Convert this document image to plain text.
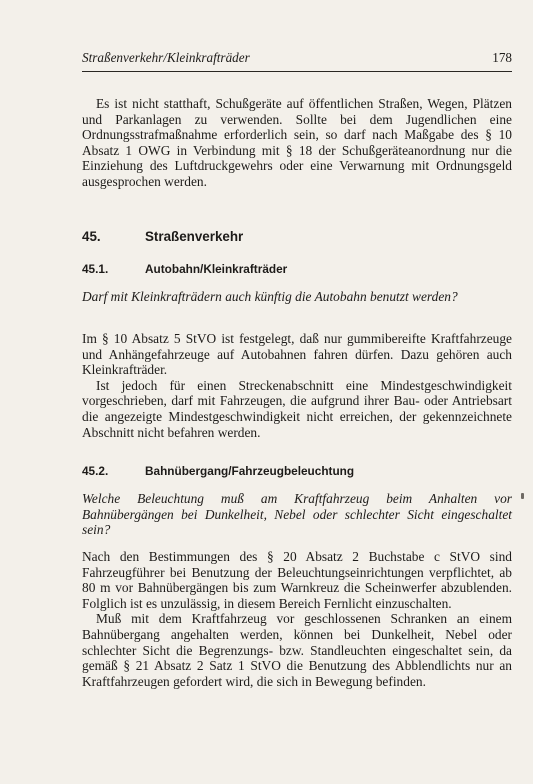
Straßenverkehr/Kleinkrafträder	178

Es ist nicht statthaft, Schußgeräte auf öffentlichen Straßen, Wegen, Plätzen und Parkanlagen zu verwenden. Sollte bei dem Jugendlichen eine Ordnungsstrafmaßnahme erforderlich sein, so darf nach Maßgabe des § 10 Absatz 1 OWG in Verbindung mit § 18 der Schußgeräteanordnung nur die Einziehung des Luftdruckgewehrs oder eine Verwarnung mit Ordnungsgeld ausgesprochen werden.

45.	Straßenverkehr
45.1.	Autobahn/Kleinkrafträder

Darf mit Kleinkrafträdern auch künftig die Autobahn benutzt werden?

Im § 10 Absatz 5 StVO ist festgelegt, daß nur gummibereifte Kraftfahrzeuge und Anhängefahrzeuge auf Autobahnen fahren dürfen. Dazu gehören auch Kleinkrafträder.

Ist jedoch für einen Streckenabschnitt eine Mindestgeschwindigkeit vorgeschrieben, darf mit Fahrzeugen, die aufgrund ihrer Bau- oder Antriebsart die angezeigte Mindestgeschwindigkeit nicht erreichen, der gekennzeichnete Abschnitt nicht befahren werden.

45.2.	Bahnübergang/Fahrzeugbeleuchtung

Welche Beleuchtung muß am Kraftfahrzeug beim Anhalten vor Bahnübergängen bei Dunkelheit, Nebel oder schlechter Sicht eingeschaltet sein?

Nach den Bestimmungen des § 20 Absatz 2 Buchstabe c StVO sind Fahrzeugführer bei Benutzung der Beleuchtungseinrichtungen verpflichtet, ab 80 m vor Bahnübergängen bis zum Warnkreuz die Scheinwerfer abzublenden. Folglich ist es unzulässig, in diesem Bereich Fernlicht einzuschalten.

Muß mit dem Kraftfahrzeug vor geschlossenen Schranken an einem Bahnübergang angehalten werden, können bei Dunkelheit, Nebel oder schlechter Sicht die Begrenzungs- bzw. Standleuchten eingeschaltet sein, da gemäß § 21 Absatz 2 Satz 1 StVO die Benutzung des Abblendlichts nur an Kraftfahrzeugen gefordert wird, die sich in Bewegung befinden.
